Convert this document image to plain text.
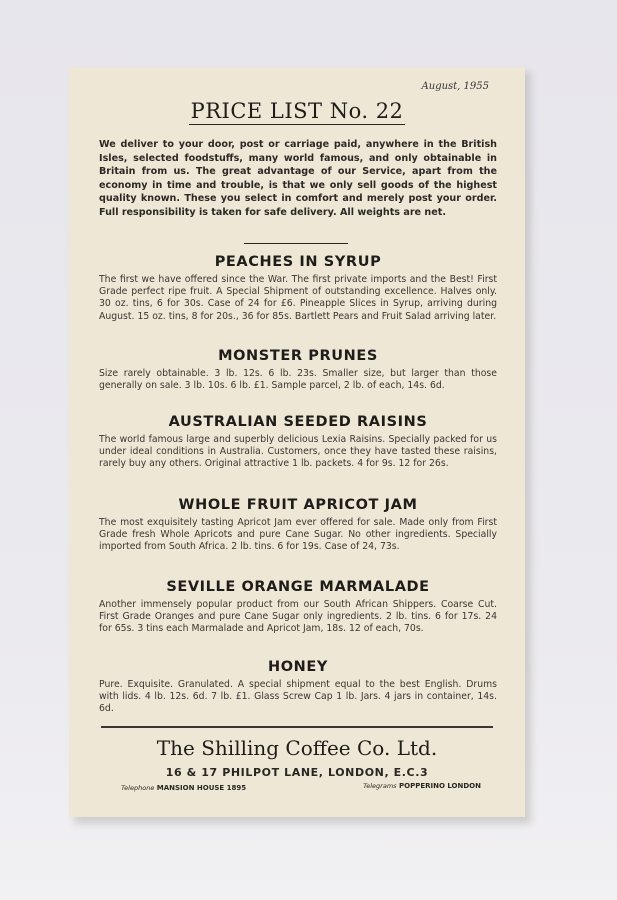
August, 1955
PRICE LIST No. 22
We deliver to your door, post or carriage paid, anywhere in the British Isles, selected foodstuffs, many world famous, and only obtainable in Britain from us. The great advantage of our Service, apart from the economy in time and trouble, is that we only sell goods of the highest quality known. These you select in comfort and merely post your order. Full responsibility is taken for safe delivery. All weights are net.
PEACHES IN SYRUP

The first we have offered since the War. The first private imports and the Best! First Grade perfect ripe fruit. A Special Shipment of outstanding excellence. Halves only. 30 oz. tins, 6 for 30s. Case of 24 for £6. Pineapple Slices in Syrup, arriving during August. 15 oz. tins, 8 for 20s., 36 for 85s. Bartlett Pears and Fruit Salad arriving later.

MONSTER PRUNES

Size rarely obtainable. 3 lb. 12s. 6 lb. 23s. Smaller size, but larger than those generally on sale. 3 lb. 10s. 6 lb. £1. Sample parcel, 2 lb. of each, 14s. 6d.

AUSTRALIAN SEEDED RAISINS

The world famous large and superbly delicious Lexia Raisins. Specially packed for us under ideal conditions in Australia. Customers, once they have tasted these raisins, rarely buy any others. Original attractive 1 lb. packets. 4 for 9s. 12 for 26s.

WHOLE FRUIT APRICOT JAM

The most exquisitely tasting Apricot Jam ever offered for sale. Made only from First Grade fresh Whole Apricots and pure Cane Sugar. No other ingredients. Specially imported from South Africa. 2 lb. tins. 6 for 19s. Case of 24, 73s.

SEVILLE ORANGE MARMALADE

Another immensely popular product from our South African Shippers. Coarse Cut. First Grade Oranges and pure Cane Sugar only ingredients. 2 lb. tins. 6 for 17s. 24 for 65s. 3 tins each Marmalade and Apricot Jam, 18s. 12 of each, 70s.

HONEY

Pure. Exquisite. Granulated. A special shipment equal to the best English. Drums with lids. 4 lb. 12s. 6d. 7 lb. £1. Glass Screw Cap 1 lb. Jars. 4 jars in container, 14s. 6d.

The Shilling Coffee Co. Ltd.
16 & 17 PHILPOT LANE, LONDON, E.C.3
Telephone MANSION HOUSE 1895	Telegrams POPPERINO LONDON
